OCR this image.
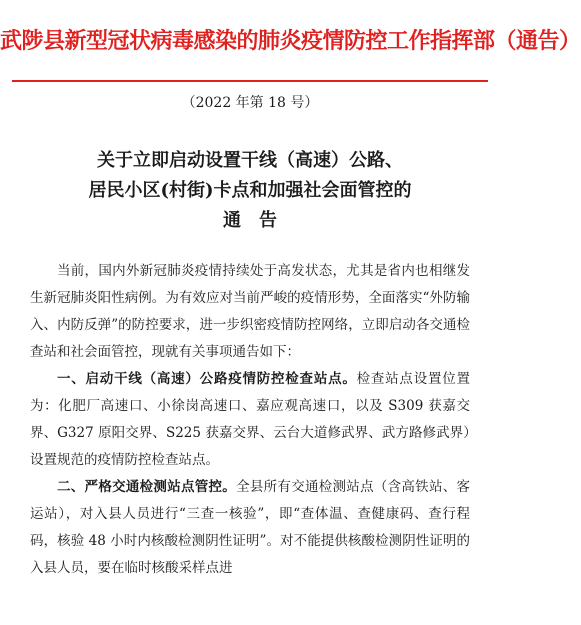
武陟县新型冠状病毒感染的肺炎疫情防控工作指挥部（通告）
（2022 年第 18 号）
关于立即启动设置干线（高速）公路、
居民小区(村街)卡点和加强社会面管控的
通告

当前，国内外新冠肺炎疫情持续处于高发状态，尤其是省内也相继发生新冠肺炎阳性病例。为有效应对当前严峻的疫情形势，全面落实“外防输入、内防反弹”的防控要求，进一步织密疫情防控网络，立即启动各交通检查站和社会面管控，现就有关事项通告如下：

一、启动干线（高速）公路疫情防控检查站点。检查站点设置位置为：化肥厂高速口、小徐岗高速口、嘉应观高速口，以及 S309 获嘉交界、G327 原阳交界、S225 获嘉交界、云台大道修武界、武方路修武界）设置规范的疫情防控检查站点。

二、严格交通检测站点管控。全县所有交通检测站点（含高铁站、客运站），对入县人员进行“三查一核验”，即“查体温、查健康码、查行程码，核验 48 小时内核酸检测阴性证明”。对不能提供核酸检测阴性证明的入县人员，要在临时核酸采样点进
